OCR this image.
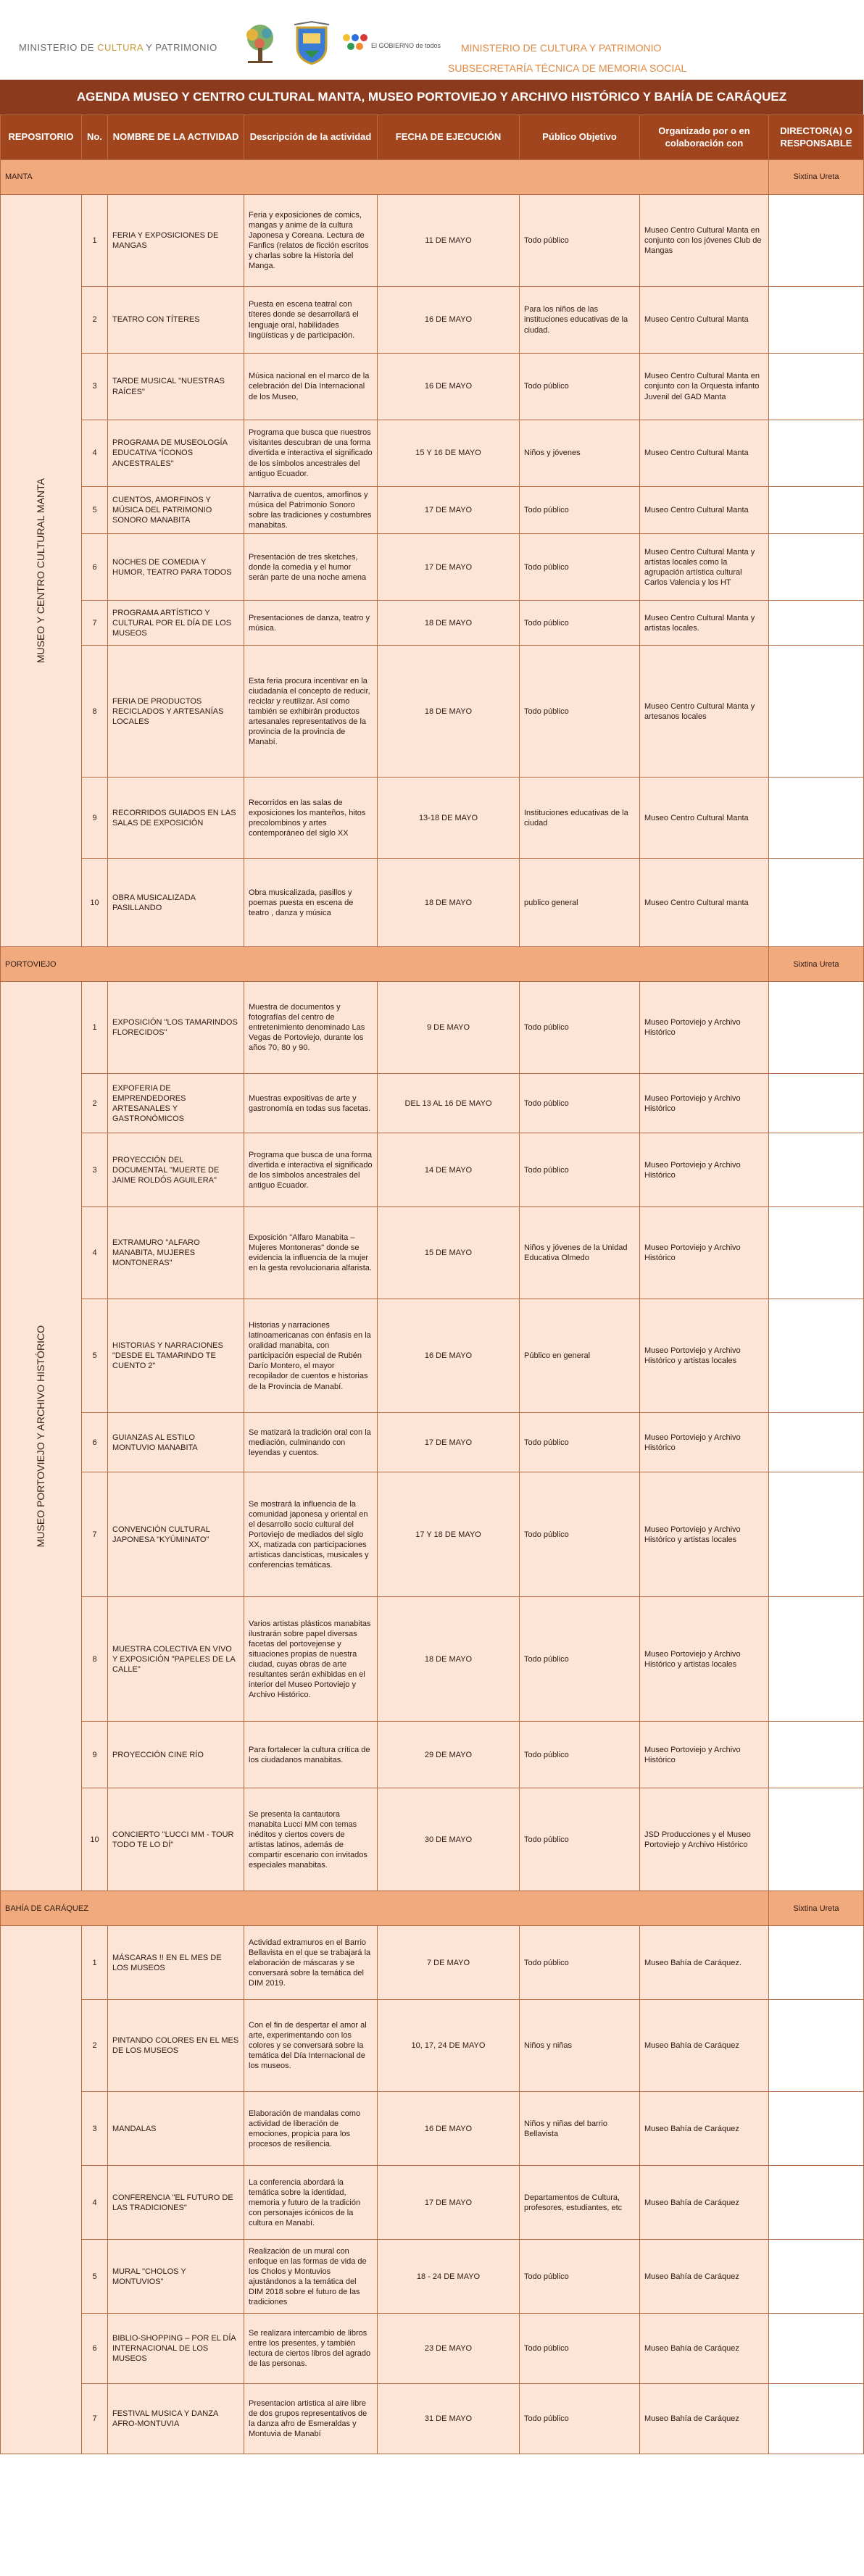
MINISTERIO DE CULTURA Y PATRIMONIO	El GOBIERNO de todos MINISTERIO DE CULTURA Y PATRIMONIO
SUBSECRETARÍA TÉCNICA DE MEMORIA SOCIAL
AGENDA MUSEO Y CENTRO CULTURAL MANTA, MUSEO PORTOVIEJO Y ARCHIVO HISTÓRICO Y BAHÍA DE CARÁQUEZ
REPOSITORIO	No.	NOMBRE DE LA ACTIVIDAD	Descripción de la actividad	FECHA DE EJECUCIÓN	Público Objetivo	Organizado por o en colaboración con	DIRECTOR(A) O RESPONSABLE
MANTA							Sixtina Ureta

MUSEO Y CENTRO CULTURAL MANTA	1	FERIA Y EXPOSICIONES DE MANGAS	Feria y exposiciones de comics, mangas y anime de la cultura Japonesa y Coreana. Lectura de Fanfics (relatos de ficción escritos y charlas sobre la Historia del Manga.	11 DE MAYO	Todo público	Museo Centro Cultural Manta en conjunto con los jóvenes Club de Mangas	
	2	TEATRO CON TÍTERES	Puesta en escena teatral con títeres donde se desarrollará el lenguaje oral, habilidades lingüísticas y de participación.	16 DE MAYO	Para los niños de las instituciones educativas de la ciudad.	Museo Centro Cultural Manta	
	3	TARDE MUSICAL "NUESTRAS RAÍCES"	Música nacional en el marco de la celebración del Día Internacional de los Museo,	16 DE MAYO	Todo público	Museo Centro Cultural Manta en conjunto con la Orquesta infanto Juvenil del GAD Manta	
	4	PROGRAMA DE MUSEOLOGÍA EDUCATIVA "ÍCONOS ANCESTRALES"	Programa que busca que nuestros visitantes descubran de una forma divertida e interactiva el significado de los símbolos ancestrales del antiguo Ecuador.	15 Y 16 DE MAYO	Niños y jóvenes	Museo Centro Cultural Manta	
	5	CUENTOS, AMORFINOS Y MÚSICA DEL PATRIMONIO SONORO MANABITA	Narrativa de cuentos, amorfinos y música del Patrimonio Sonoro sobre las tradiciones y costumbres manabitas.	17 DE MAYO	Todo público	Museo Centro Cultural Manta	
	6	NOCHES DE COMEDIA Y HUMOR, TEATRO PARA TODOS	Presentación de tres sketches, donde la comedia y el humor serán parte de una noche amena	17 DE MAYO	Todo público	Museo Centro Cultural Manta y artistas locales como la agrupación artística cultural Carlos Valencia y los HT	
	7	PROGRAMA ARTÍSTICO Y CULTURAL POR EL DÍA DE LOS MUSEOS	Presentaciones de danza, teatro y música.	18 DE MAYO	Todo público	Museo Centro Cultural Manta y artistas locales.	
	8	FERIA DE PRODUCTOS RECICLADOS Y ARTESANÍAS LOCALES	Esta feria procura incentivar en la ciudadanía el concepto de reducir, reciclar y reutilizar. Así como también se exhibirán productos artesanales representativos de la provincia de la provincia de Manabí.	18 DE MAYO	Todo público	Museo Centro Cultural Manta y artesanos locales	
	9	RECORRIDOS GUIADOS EN LAS SALAS DE EXPOSICIÓN	Recorridos en las salas de exposiciones los manteños, hitos precolombinos y artes contemporáneo del siglo XX	13-18 DE MAYO	Instituciones educativas de la ciudad	Museo Centro Cultural Manta	
	10	OBRA MUSICALIZADA PASILLANDO	Obra musicalizada, pasillos y poemas puesta en escena de teatro , danza y música	18 DE MAYO	publico general	Museo Centro Cultural manta	
PORTOVIEJO							Sixtina Ureta

MUSEO PORTOVIEJO Y ARCHIVO HISTÓRICO	1	EXPOSICIÓN "LOS TAMARINDOS FLORECIDOS"	Muestra de documentos y fotografías del centro de entretenimiento denominado Las Vegas de Portoviejo, durante los años 70, 80 y 90.	9 DE MAYO	Todo público	Museo Portoviejo y Archivo Histórico	
	2	EXPOFERIA DE EMPRENDEDORES ARTESANALES Y GASTRONÓMICOS	Muestras expositivas de arte y gastronomía en todas sus facetas.	DEL 13 AL 16 DE MAYO	Todo público	Museo Portoviejo y Archivo Histórico	
	3	PROYECCIÓN DEL DOCUMENTAL "MUERTE DE JAIME ROLDÓS AGUILERA"	Programa que busca de una forma divertida e interactiva el significado de los símbolos ancestrales del antiguo Ecuador.	14 DE MAYO	Todo público	Museo Portoviejo y Archivo Histórico	
	4	EXTRAMURO "ALFARO MANABITA, MUJERES MONTONERAS"	Exposición "Alfaro Manabita – Mujeres Montoneras" donde se evidencia la influencia de la mujer en la gesta revolucionaria alfarista.	15 DE MAYO	Niños y jóvenes de la Unidad Educativa Olmedo	Museo Portoviejo y Archivo Histórico	
	5	HISTORIAS Y NARRACIONES "DESDE EL TAMARINDO TE CUENTO 2"	Historias y narraciones latinoamericanas con énfasis en la oralidad manabita, con participación especial de Rubén Darío Montero, el mayor recopilador de cuentos e historias de la Provincia de Manabí.	16 DE MAYO	Público en general	Museo Portoviejo y Archivo Histórico y artistas locales	
	6	GUIANZAS AL ESTILO MONTUVIO MANABITA	Se matizará la tradición oral con la mediación, culminando con leyendas y cuentos.	17 DE MAYO	Todo público	Museo Portoviejo y Archivo Histórico	
	7	CONVENCIÓN CULTURAL JAPONESA "KYŪMINATO"	Se mostrará la influencia de la comunidad japonesa y oriental en el desarrollo socio cultural del Portoviejo de mediados del siglo XX, matizada con participaciones artísticas dancísticas, musicales y conferencias temáticas.	17 Y 18 DE MAYO	Todo público	Museo Portoviejo y Archivo Histórico y artistas locales	
	8	MUESTRA COLECTIVA EN VIVO Y EXPOSICIÓN "PAPELES DE LA CALLE"	Varios artistas plásticos manabitas ilustrarán sobre papel diversas facetas del portovejense y situaciones propias de nuestra ciudad, cuyas obras de arte resultantes serán exhibidas en el interior del Museo Portoviejo y Archivo Histórico.	18 DE MAYO	Todo público	Museo Portoviejo y Archivo Histórico y artistas locales	
	9	PROYECCIÓN CINE RÍO	Para fortalecer la cultura crítica de los ciudadanos manabitas.	29 DE MAYO	Todo público	Museo Portoviejo y Archivo Histórico	
	10	CONCIERTO "LUCCI MM - TOUR TODO TE LO DÍ"	Se presenta la cantautora manabita Lucci MM con temas inéditos y ciertos covers de artistas latinos, además de compartir escenario con invitados especiales manabitas.	30 DE MAYO	Todo público	JSD Producciones y el Museo Portoviejo y Archivo Histórico	
BAHÍA DE CARÁQUEZ							Sixtina Ureta

	1	MÁSCARAS !! EN EL MES DE LOS MUSEOS	Actividad extramuros en el Barrio Bellavista en el que se trabajará la elaboración de máscaras y se conversará sobre la temática del DIM 2019.	7 DE MAYO	Todo público	Museo Bahía de Caráquez.	
	2	PINTANDO COLORES EN EL MES DE LOS MUSEOS	Con el fin de despertar el amor al arte, experimentando con los colores y se conversará sobre la temática del Día Internacional de los museos.	10, 17, 24 DE MAYO	Niños y niñas	Museo Bahía de Caráquez	
	3	MANDALAS	Elaboración de mandalas como actividad de liberación de emociones, propicia para los procesos de resiliencia.	16 DE MAYO	Niños y niñas del barrio Bellavista	Museo Bahía de Caráquez	
	4	CONFERENCIA "EL FUTURO DE LAS TRADICIONES"	La conferencia abordará la temática sobre la identidad, memoria y futuro de la tradición con personajes icónicos de la cultura en Manabí.	17 DE MAYO	Departamentos de Cultura, profesores, estudiantes, etc	Museo Bahía de Caráquez	
	5	MURAL "CHOLOS Y MONTUVIOS"	Realización de un mural con enfoque en las formas de vida de los Cholos y Montuvios ajustándonos a la temática del DIM 2018 sobre el futuro de las tradiciones	18 - 24 DE MAYO	Todo público	Museo Bahía de Caráquez	
	6	BIBLIO-SHOPPING – POR EL DÍA INTERNACIONAL DE LOS MUSEOS	Se realizara intercambio de libros entre los presentes, y también lectura de ciertos libros del agrado de las personas.	23 DE MAYO	Todo público	Museo Bahía de Caráquez	
	7	FESTIVAL MUSICA Y DANZA AFRO-MONTUVIA	Presentacion artistica al aire libre de dos grupos representativos de la danza afro de Esmeraldas y Montuvia de Manabí	31 DE MAYO	Todo público	Museo Bahía de Caráquez	
